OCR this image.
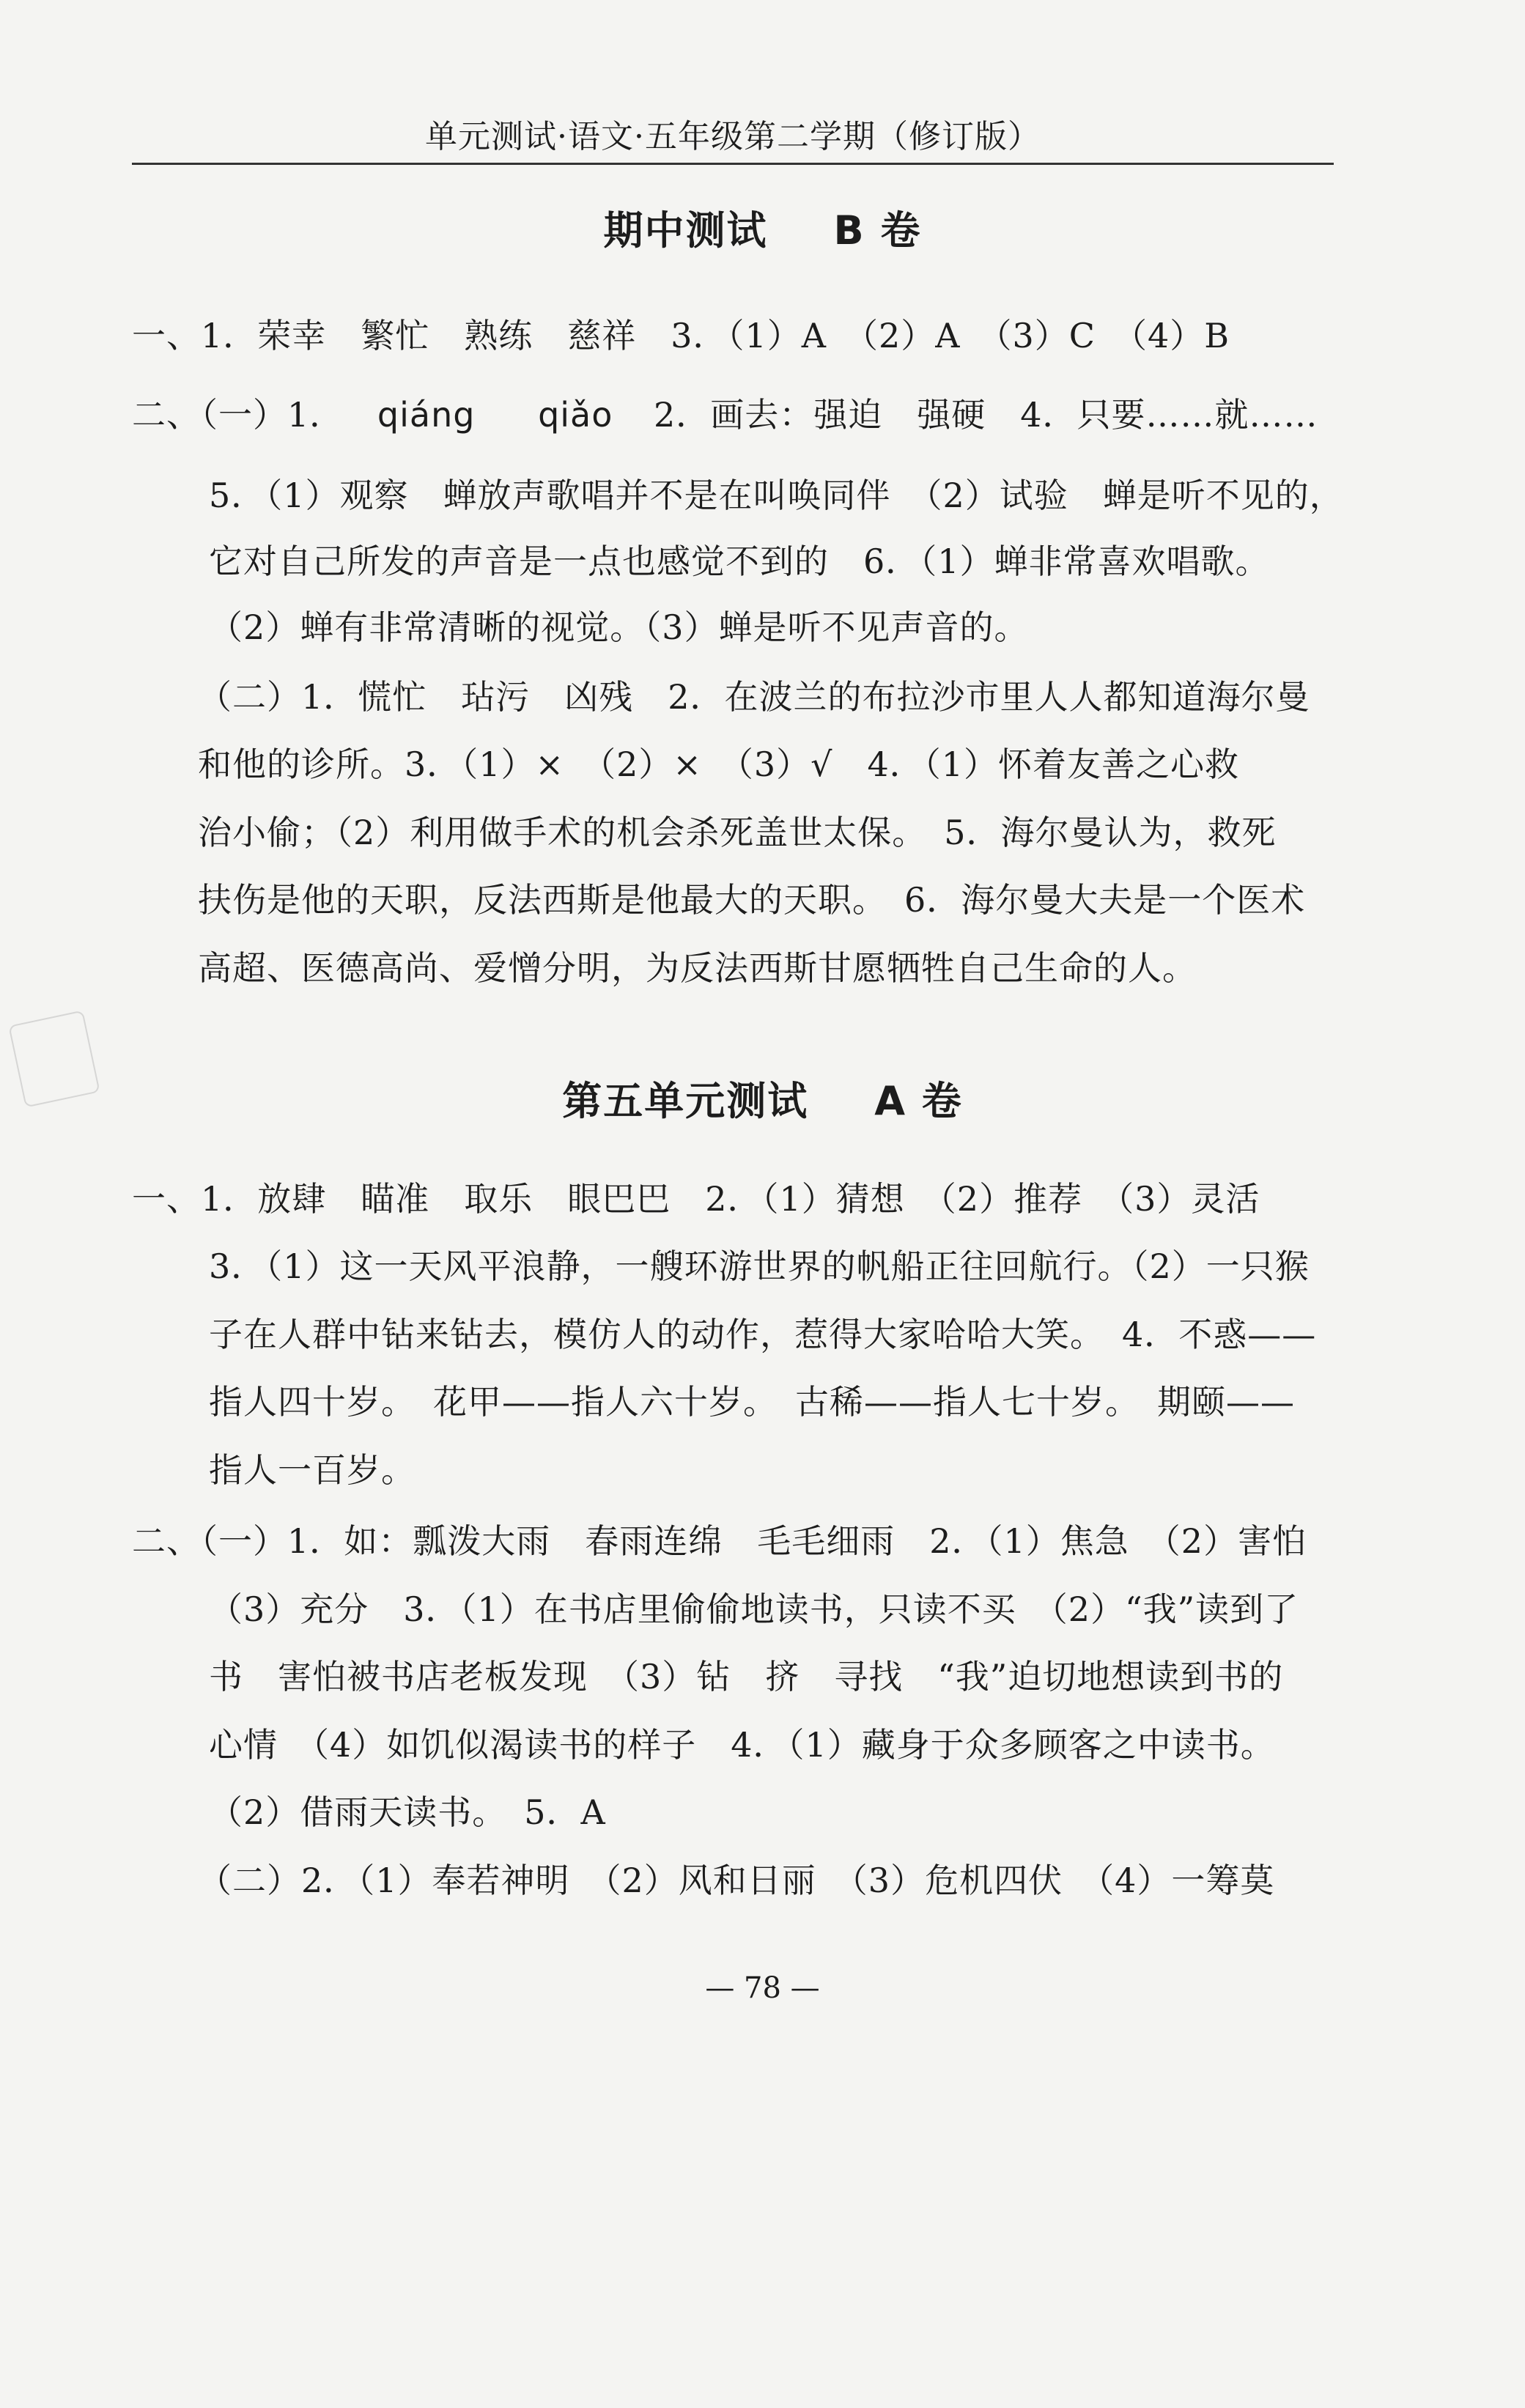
单元测试·语文·五年级第二学期（修订版）
期中测试 B 卷
一、1．荣幸　繁忙　熟练　慈祥　3．（1）A　（2）A　（3）C　（4）B
二、（一）1． qiáng qiǎo 2．画去：强迫　强硬　4．只要……就……
5．（1）观察　蝉放声歌唱并不是在叫唤同伴　（2）试验　蝉是听不见的，
它对自己所发的声音是一点也感觉不到的　6．（1）蝉非常喜欢唱歌。
（2）蝉有非常清晰的视觉。（3）蝉是听不见声音的。
（二）1．慌忙　玷污　凶残　2．在波兰的布拉沙市里人人都知道海尔曼
和他的诊所。3．（1）×　（2）×　（3）√　4．（1）怀着友善之心救
治小偷；（2）利用做手术的机会杀死盖世太保。　5．海尔曼认为，救死
扶伤是他的天职，反法西斯是他最大的天职。　6．海尔曼大夫是一个医术
高超、医德高尚、爱憎分明，为反法西斯甘愿牺牲自己生命的人。
第五单元测试 A 卷
一、1．放肆　瞄准　取乐　眼巴巴　2．（1）猜想　（2）推荐　（3）灵活
3．（1）这一天风平浪静，一艘环游世界的帆船正往回航行。（2）一只猴
子在人群中钻来钻去，模仿人的动作，惹得大家哈哈大笑。　4．不惑——
指人四十岁。　花甲——指人六十岁。　古稀——指人七十岁。　期颐——
指人一百岁。
二、（一）1．如：瓢泼大雨　春雨连绵　毛毛细雨　2．（1）焦急　（2）害怕
（3）充分　3．（1）在书店里偷偷地读书，只读不买　（2）“我”读到了
书　害怕被书店老板发现　（3）钻　挤　寻找　“我”迫切地想读到书的
心情　（4）如饥似渴读书的样子　4．（1）藏身于众多顾客之中读书。
（2）借雨天读书。　5．A
（二）2．（1）奉若神明　（2）风和日丽　（3）危机四伏　（4）一筹莫
— 78 —
